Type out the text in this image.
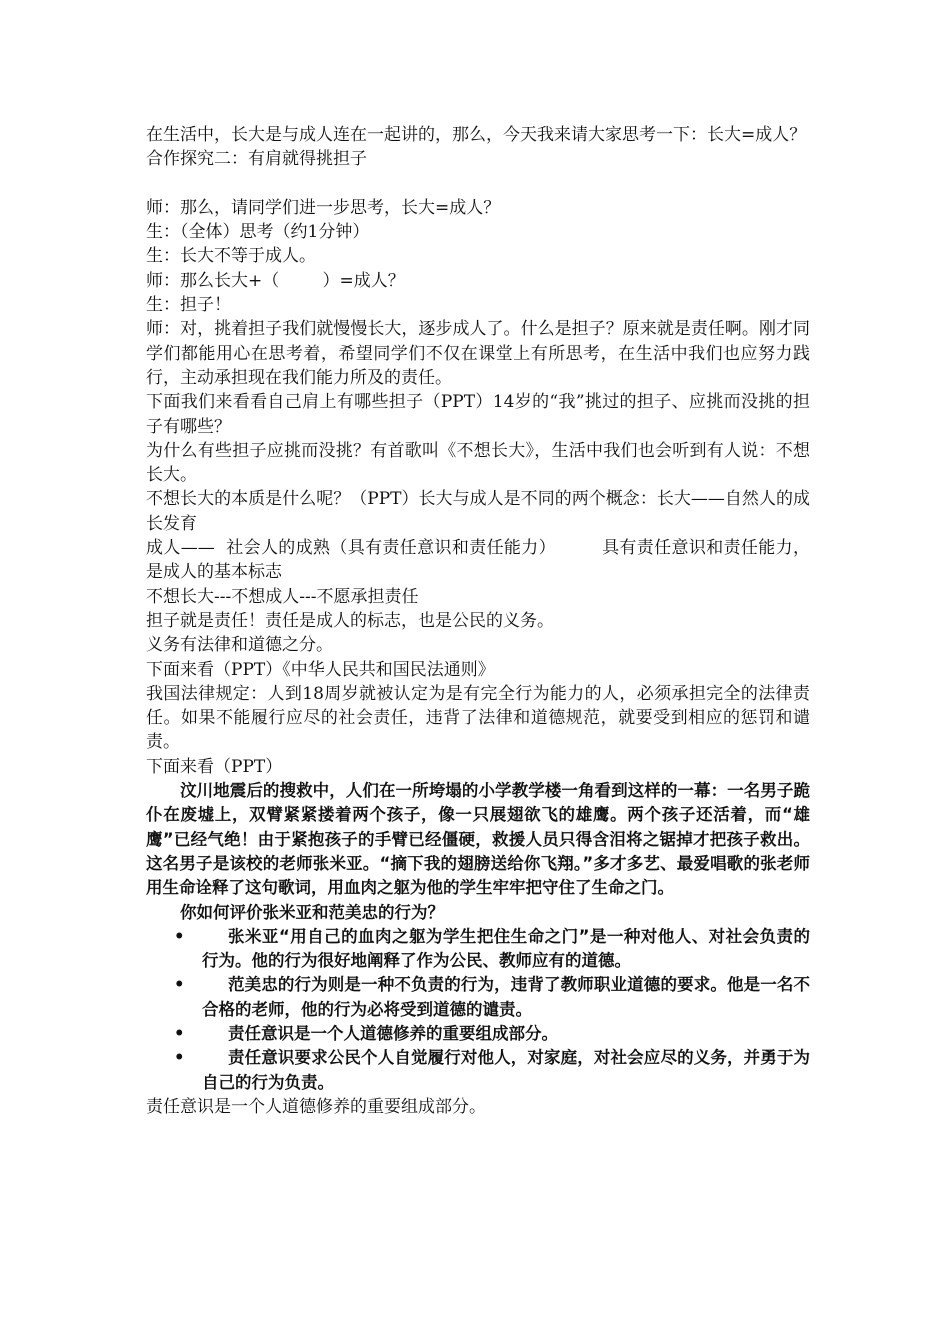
在生活中，长大是与成人连在一起讲的，那么，今天我来请大家思考一下：长大=成人？

合作探究二：有肩就得挑担子

师：那么，请同学们进一步思考，长大=成人？

生：（全体）思考（约1分钟）

生：长大不等于成人。

师：那么长大+（        ）=成人？

生：担子！

师：对，挑着担子我们就慢慢长大，逐步成人了。什么是担子？原来就是责任啊。刚才同学们都能用心在思考着，希望同学们不仅在课堂上有所思考，在生活中我们也应努力践行，主动承担现在我们能力所及的责任。

下面我们来看看自己肩上有哪些担子（PPT）14岁的“我”挑过的担子、应挑而没挑的担子有哪些？

为什么有些担子应挑而没挑？有首歌叫《不想长大》，生活中我们也会听到有人说：不想长大。

不想长大的本质是什么呢？（PPT）长大与成人是不同的两个概念：长大——自然人的成长发育

成人——  社会人的成熟（具有责任意识和责任能力）        具有责任意识和责任能力，是成人的基本标志

不想长大---不想成人---不愿承担责任

担子就是责任！责任是成人的标志，也是公民的义务。

义务有法律和道德之分。

下面来看（PPT）《中华人民共和国民法通则》

我国法律规定：人到18周岁就被认定为是有完全行为能力的人，必须承担完全的法律责任。如果不能履行应尽的社会责任，违背了法律和道德规范，就要受到相应的惩罚和谴责。

下面来看（PPT）

汶川地震后的搜救中，人们在一所垮塌的小学教学楼一角看到这样的一幕：一名男子跪仆在废墟上，双臂紧紧搂着两个孩子，像一只展翅欲飞的雄鹰。两个孩子还活着，而“雄鹰”已经气绝！由于紧抱孩子的手臂已经僵硬，救援人员只得含泪将之锯掉才把孩子救出。这名男子是该校的老师张米亚。“摘下我的翅膀送给你飞翔。”多才多艺、最爱唱歌的张老师用生命诠释了这句歌词，用血肉之躯为他的学生牢牢把守住了生命之门。

你如何评价张米亚和范美忠的行为？

•	张米亚“用自己的血肉之躯为学生把住生命之门”是一种对他人、对社会负责的行为。他的行为很好地阐释了作为公民、教师应有的道德。
•	范美忠的行为则是一种不负责的行为，违背了教师职业道德的要求。他是一名不合格的老师，他的行为必将受到道德的谴责。
•	责任意识是一个人道德修养的重要组成部分。
•	责任意识要求公民个人自觉履行对他人，对家庭，对社会应尽的义务，并勇于为自己的行为负责。

责任意识是一个人道德修养的重要组成部分。
